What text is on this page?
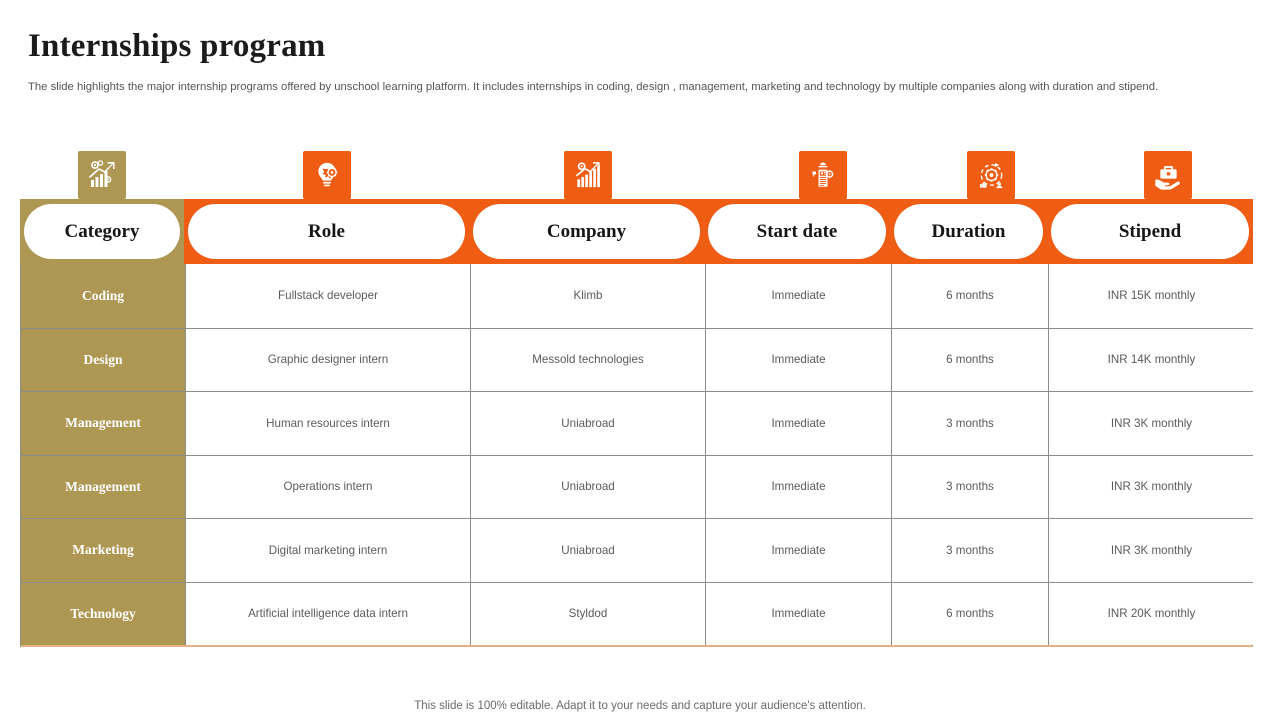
Internships program
The slide highlights the major internship programs offered by unschool learning platform. It includes internships in coding, design , management, marketing and technology by multiple companies along with duration and stipend.
Category	Role	Company	Start date	Duration	Stipend
Coding	Fullstack developer	Klimb	Immediate	6 months	INR 15K monthly
Design	Graphic designer intern	Messold technologies	Immediate	6 months	INR 14K monthly
Management	Human resources intern	Uniabroad	Immediate	3 months	INR 3K monthly
Management	Operations intern	Uniabroad	Immediate	3 months	INR 3K monthly
Marketing	Digital marketing intern	Uniabroad	Immediate	3 months	INR 3K monthly
Technology	Artificial intelligence data intern	Styldod	Immediate	6 months	INR 20K monthly
This slide is 100% editable. Adapt it to your needs and capture your audience's attention.
